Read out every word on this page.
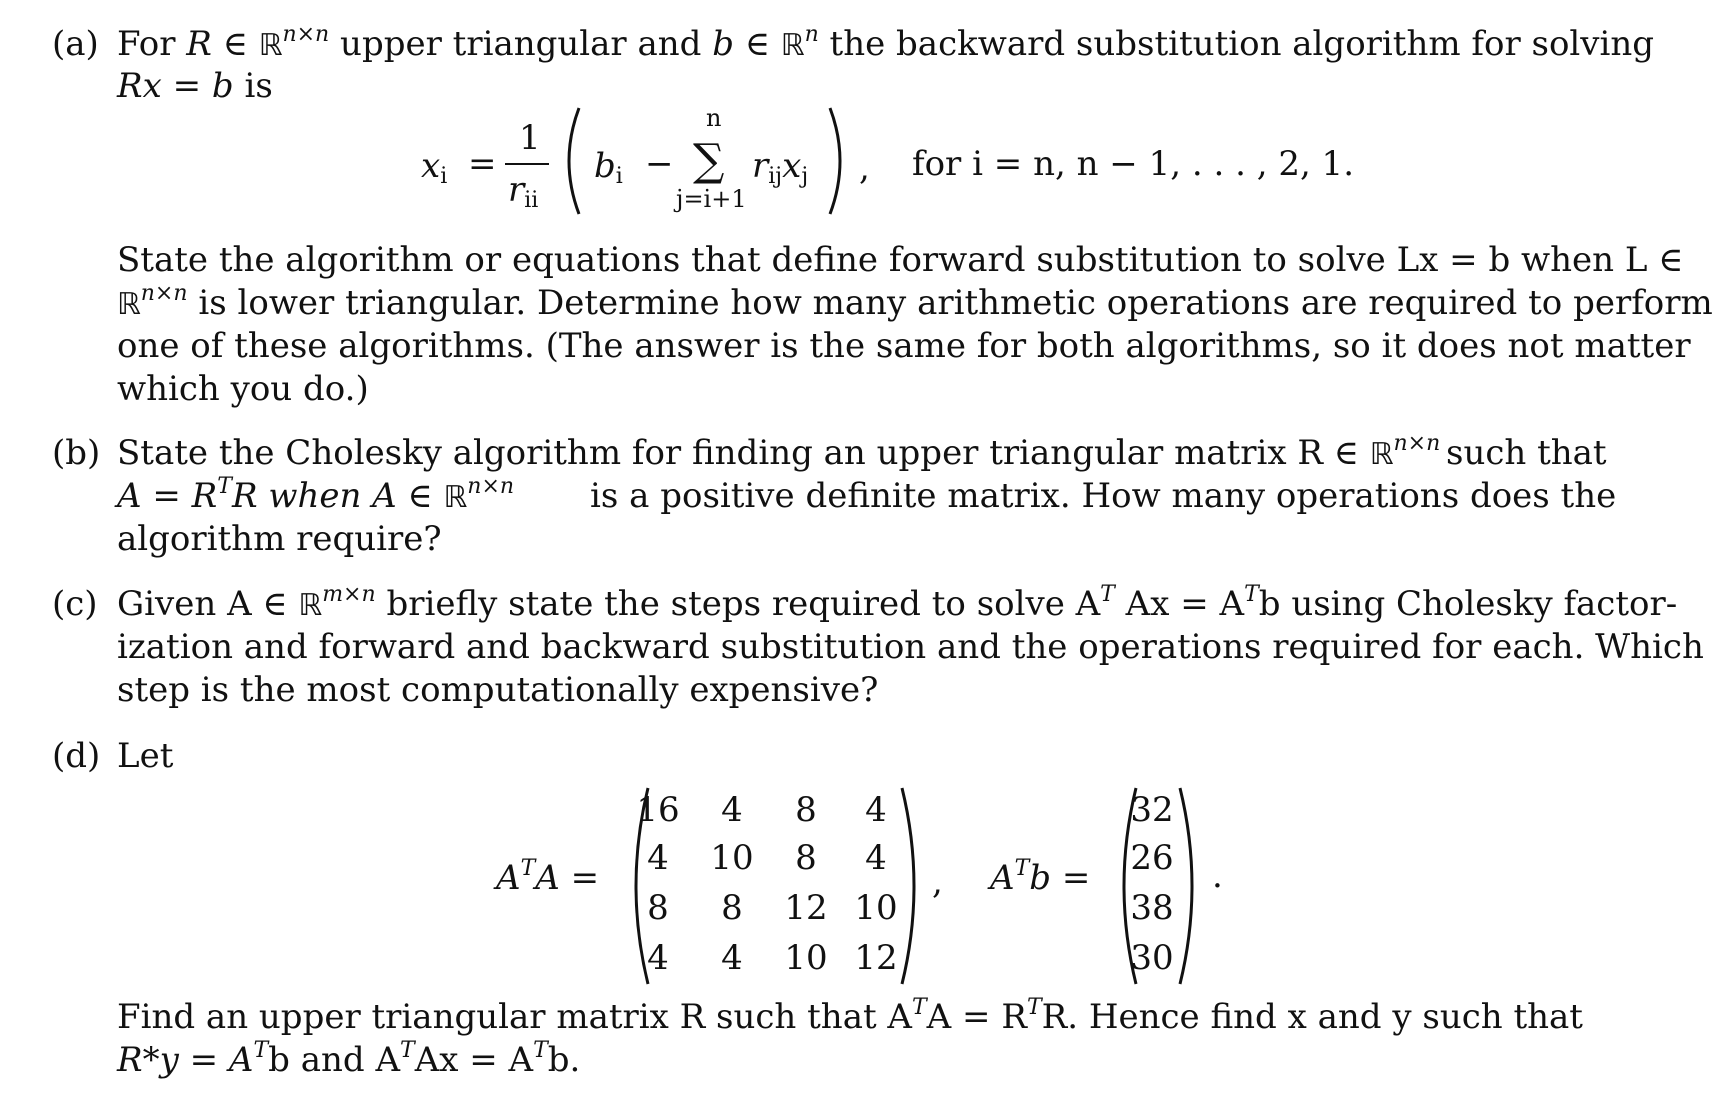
(a) For R ∈ ℝ$^{n\times n}$ upper triangular and b ∈ ℝ$^n$ the backward substitution algorithm for solving
Rx = b is
$x_i$ =
1
$r_{ii}$
$b_i$ −
n
∑
j=i+1
$r_{ij}x_j$ , for i = n, n − 1, . . . , 2, 1.
State the algorithm or equations that define forward substitution to solve Lx = b when L ∈
ℝ$^{n\times n}$ is lower triangular. Determine how many arithmetic operations are required to perform
one of these algorithms. (The answer is the same for both algorithms, so it does not matter
which you do.)
(b) State the Cholesky algorithm for finding an upper triangular matrix R ∈ ℝ$^{n\times n}$ such that
$A = R^TR$ when A ∈ ℝ$^{n\times n}$ is a positive definite matrix. How many operations does the
algorithm require?
(c) Given A ∈ ℝ$^{m\times n}$ briefly state the steps required to solve $A^T$ $Ax = A^Tb$ using Cholesky factor-
ization and forward and backward substitution and the operations required for each. Which
step is the most computationally expensive?
(d) Let
$A^TA$ =
16	4	8	4
4	10	8	4
8	8	12 10
4	4	10 12
, $A^Tb$ =
32
26
38
30
.
Find an upper triangular matrix R such that $A^TA = R^TR$. Hence find x and y such that
$R*y = A^Tb$ and $A^TAx = A^Tb$.
